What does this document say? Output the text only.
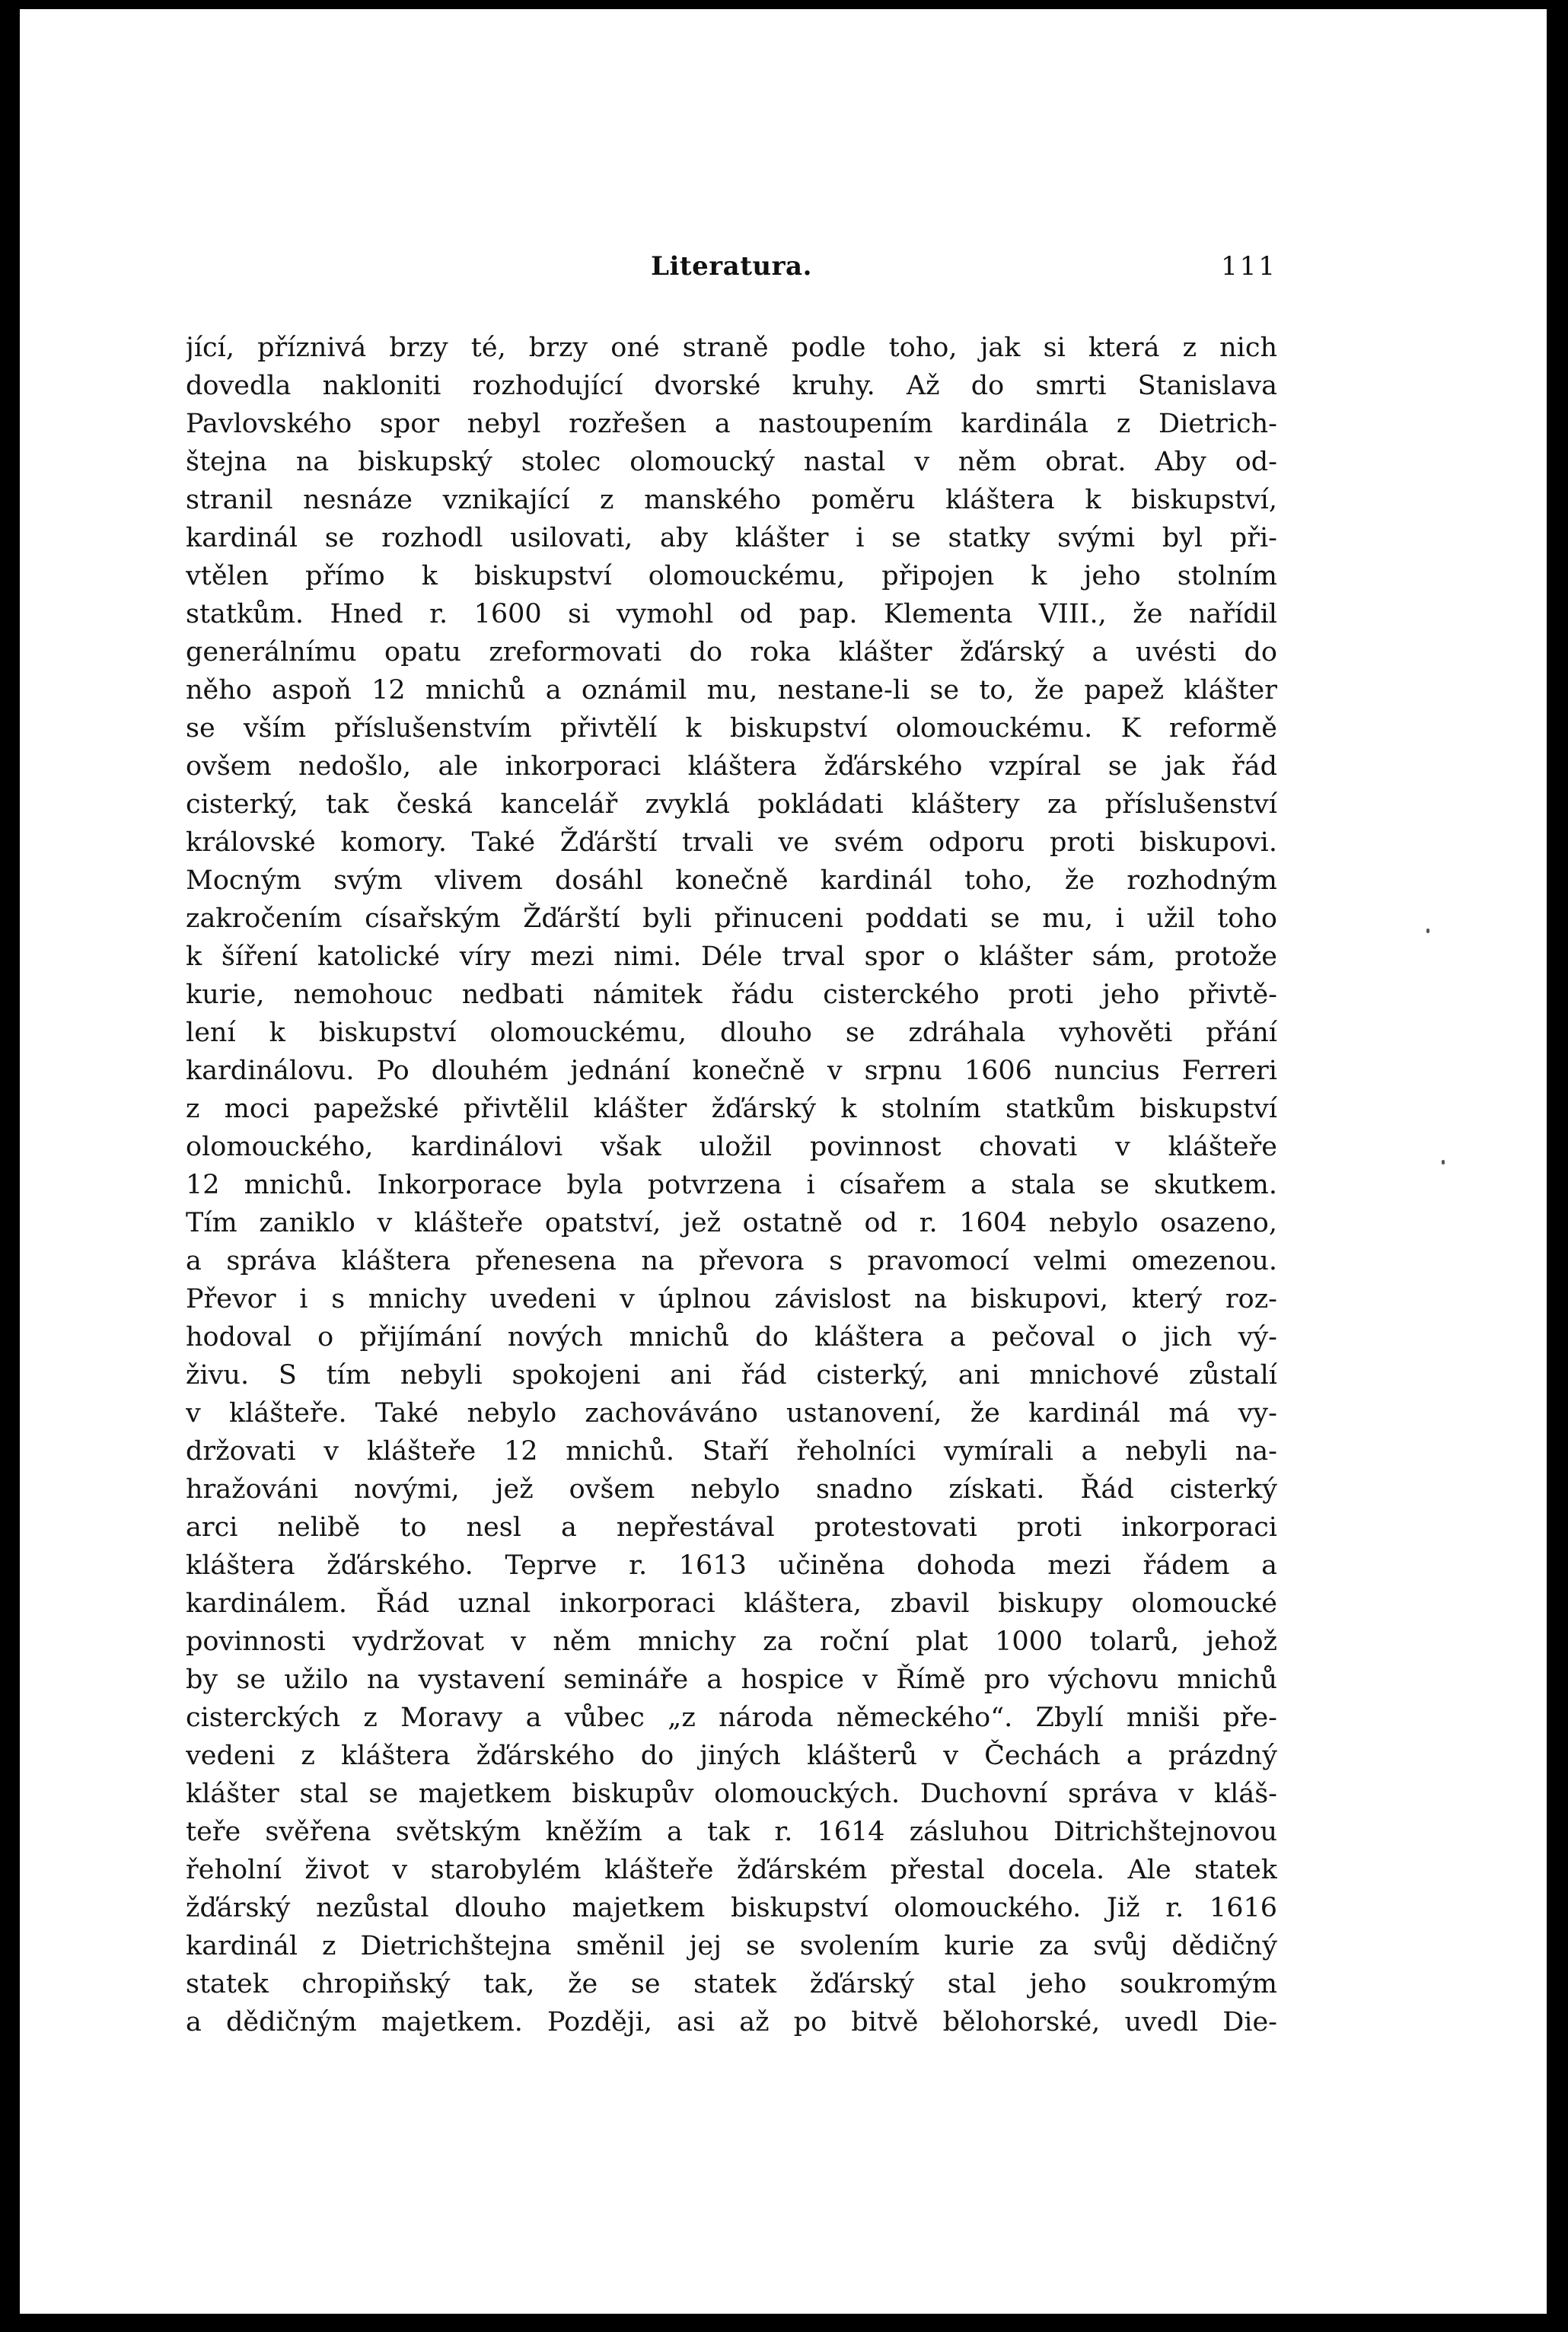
Literatura.	111
jící, příznivá brzy té, brzy oné straně podle toho, jak si která z nich
dovedla nakloniti rozhodující dvorské kruhy. Až do smrti Stanislava
Pavlovského spor nebyl rozřešen a nastoupením kardinála z Dietrich-
štejna na biskupský stolec olomoucký nastal v něm obrat. Aby od-
stranil nesnáze vznikající z manského poměru kláštera k biskupství,
kardinál se rozhodl usilovati, aby klášter i se statky svými byl při-
vtělen přímo k biskupství olomouckému, připojen k jeho stolním
statkům. Hned r. 1600 si vymohl od pap. Klementa VIII., že nařídil
generálnímu opatu zreformovati do roka klášter žďárský a uvésti do
něho aspoň 12 mnichů a oznámil mu, nestane-li se to, že papež klášter
se vším příslušenstvím přivtělí k biskupství olomouckému. K reformě
ovšem nedošlo, ale inkorporaci kláštera žďárského vzpíral se jak řád
cisterký, tak česká kancelář zvyklá pokládati kláštery za příslušenství
královské komory. Také Žďárští trvali ve svém odporu proti biskupovi.
Mocným svým vlivem dosáhl konečně kardinál toho, že rozhodným
zakročením císařským Žďárští byli přinuceni poddati se mu, i užil toho
k šíření katolické víry mezi nimi. Déle trval spor o klášter sám, protože
kurie, nemohouc nedbati námitek řádu cisterckého proti jeho přivtě-
lení k biskupství olomouckému, dlouho se zdráhala vyhověti přání
kardinálovu. Po dlouhém jednání konečně v srpnu 1606 nuncius Ferreri
z moci papežské přivtělil klášter žďárský k stolním statkům biskupství
olomouckého, kardinálovi však uložil povinnost chovati v klášteře
12 mnichů. Inkorporace byla potvrzena i císařem a stala se skutkem.
Tím zaniklo v klášteře opatství, jež ostatně od r. 1604 nebylo osazeno,
a správa kláštera přenesena na převora s pravomocí velmi omezenou.
Převor i s mnichy uvedeni v úplnou závislost na biskupovi, který roz-
hodoval o přijímání nových mnichů do kláštera a pečoval o jich vý-
živu. S tím nebyli spokojeni ani řád cisterký, ani mnichové zůstalí
v klášteře. Také nebylo zachováváno ustanovení, že kardinál má vy-
držovati v klášteře 12 mnichů. Staří řeholníci vymírali a nebyli na-
hražováni novými, jež ovšem nebylo snadno získati. Řád cisterký
arci nelibě to nesl a nepřestával protestovati proti inkorporaci
kláštera žďárského. Teprve r. 1613 učiněna dohoda mezi řádem a
kardinálem. Řád uznal inkorporaci kláštera, zbavil biskupy olomoucké
povinnosti vydržovat v něm mnichy za roční plat 1000 tolarů, jehož
by se užilo na vystavení semináře a hospice v Římě pro výchovu mnichů
cisterckých z Moravy a vůbec „z národa německého“. Zbylí mniši pře-
vedeni z kláštera žďárského do jiných klášterů v Čechách a prázdný
klášter stal se majetkem biskupův olomouckých. Duchovní správa v kláš-
teře svěřena světským kněžím a tak r. 1614 zásluhou Ditrichštejnovou
řeholní život v starobylém klášteře žďárském přestal docela. Ale statek
žďárský nezůstal dlouho majetkem biskupství olomouckého. Již r. 1616
kardinál z Dietrichštejna směnil jej se svolením kurie za svůj dědičný
statek chropiňský tak, že se statek žďárský stal jeho soukromým
a dědičným majetkem. Později, asi až po bitvě bělohorské, uvedl Die-
